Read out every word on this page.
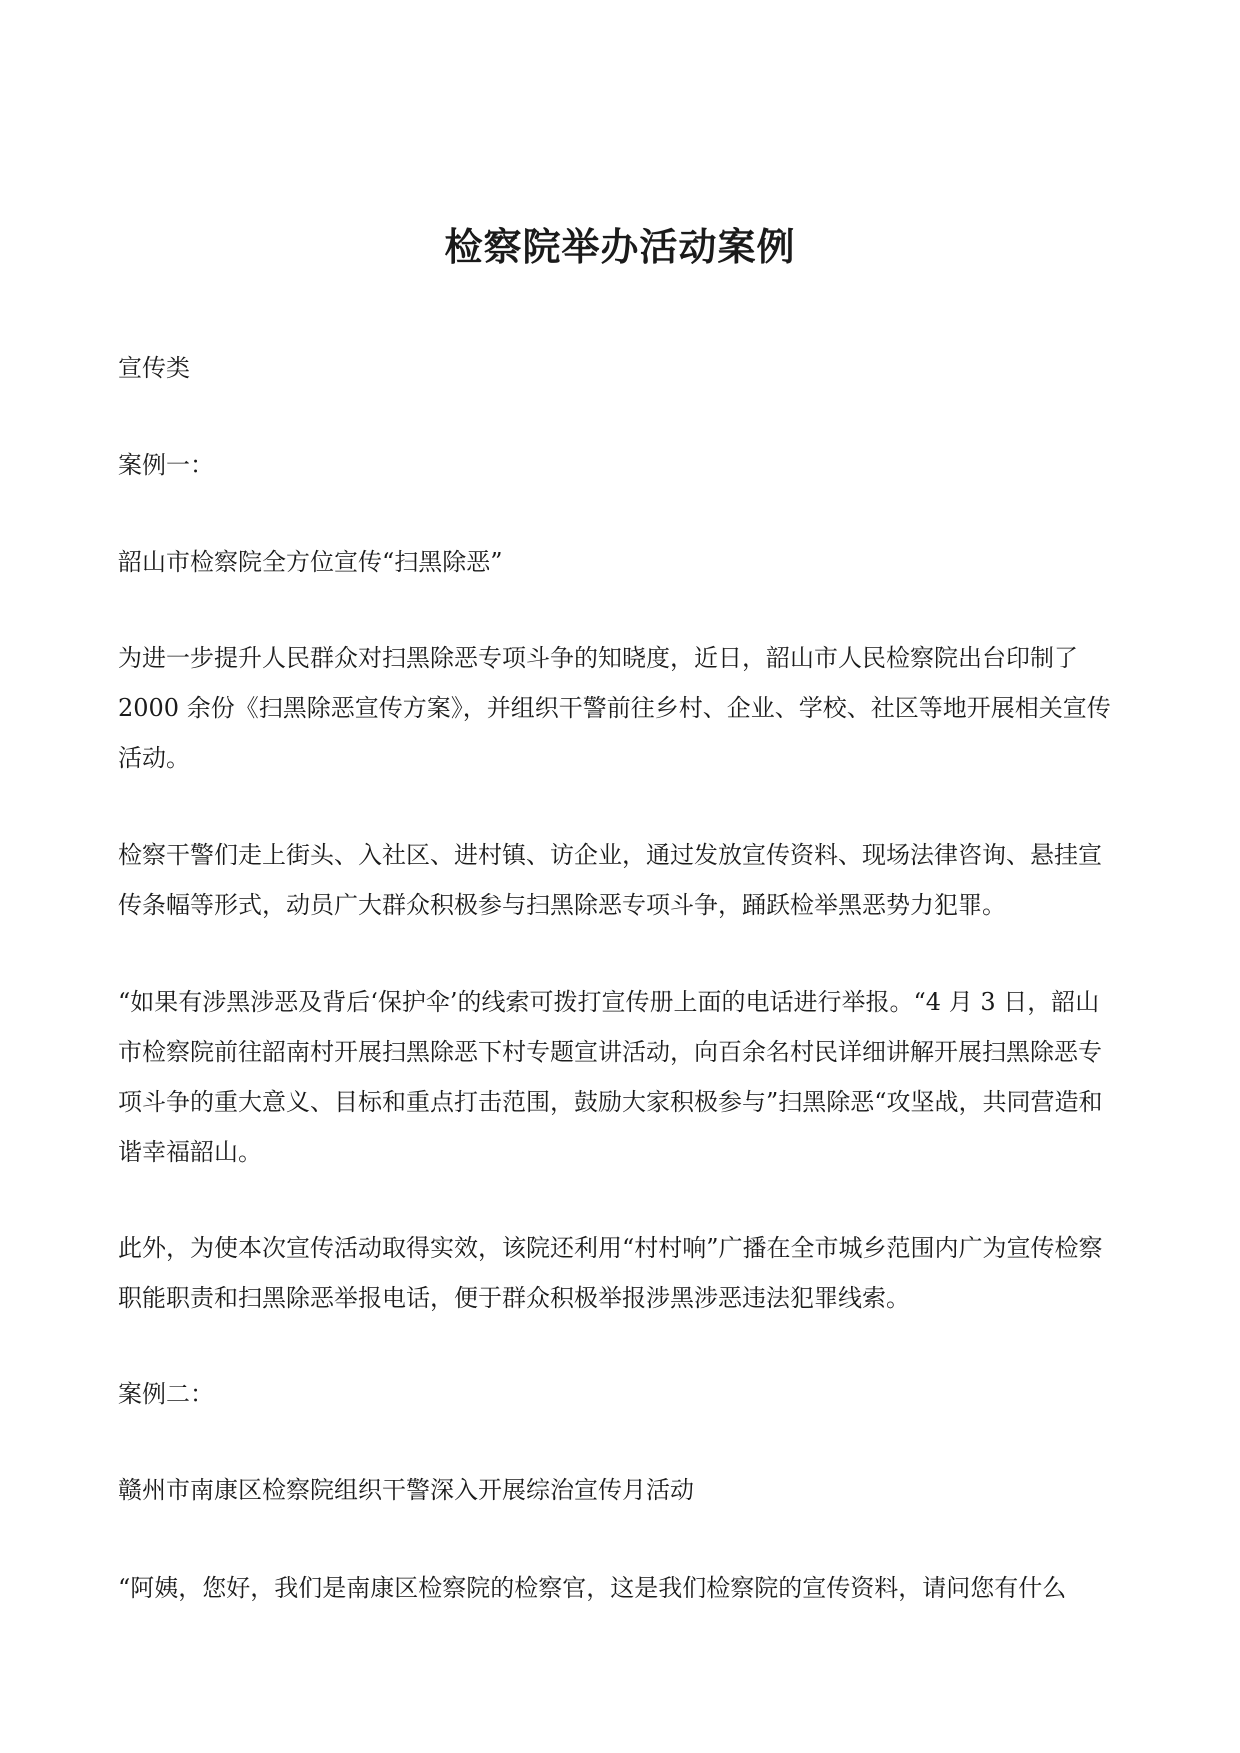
检察院举办活动案例

宣传类

案例一：

韶山市检察院全方位宣传“扫黑除恶”

为进一步提升人民群众对扫黑除恶专项斗争的知晓度，近日，韶山市人民检察院出台印制了2000 余份《扫黑除恶宣传方案》，并组织干警前往乡村、企业、学校、社区等地开展相关宣传活动。

检察干警们走上街头、入社区、进村镇、访企业，通过发放宣传资料、现场法律咨询、悬挂宣传条幅等形式，动员广大群众积极参与扫黑除恶专项斗争，踊跃检举黑恶势力犯罪。

“如果有涉黑涉恶及背后‘保护伞’的线索可拨打宣传册上面的电话进行举报。“4 月 3 日，韶山市检察院前往韶南村开展扫黑除恶下村专题宣讲活动，向百余名村民详细讲解开展扫黑除恶专项斗争的重大意义、目标和重点打击范围，鼓励大家积极参与”扫黑除恶“攻坚战，共同营造和谐幸福韶山。

此外，为使本次宣传活动取得实效，该院还利用“村村响”广播在全市城乡范围内广为宣传检察职能职责和扫黑除恶举报电话，便于群众积极举报涉黑涉恶违法犯罪线索。

案例二：

赣州市南康区检察院组织干警深入开展综治宣传月活动

“阿姨，您好，我们是南康区检察院的检察官，这是我们检察院的宣传资料，请问您有什么
